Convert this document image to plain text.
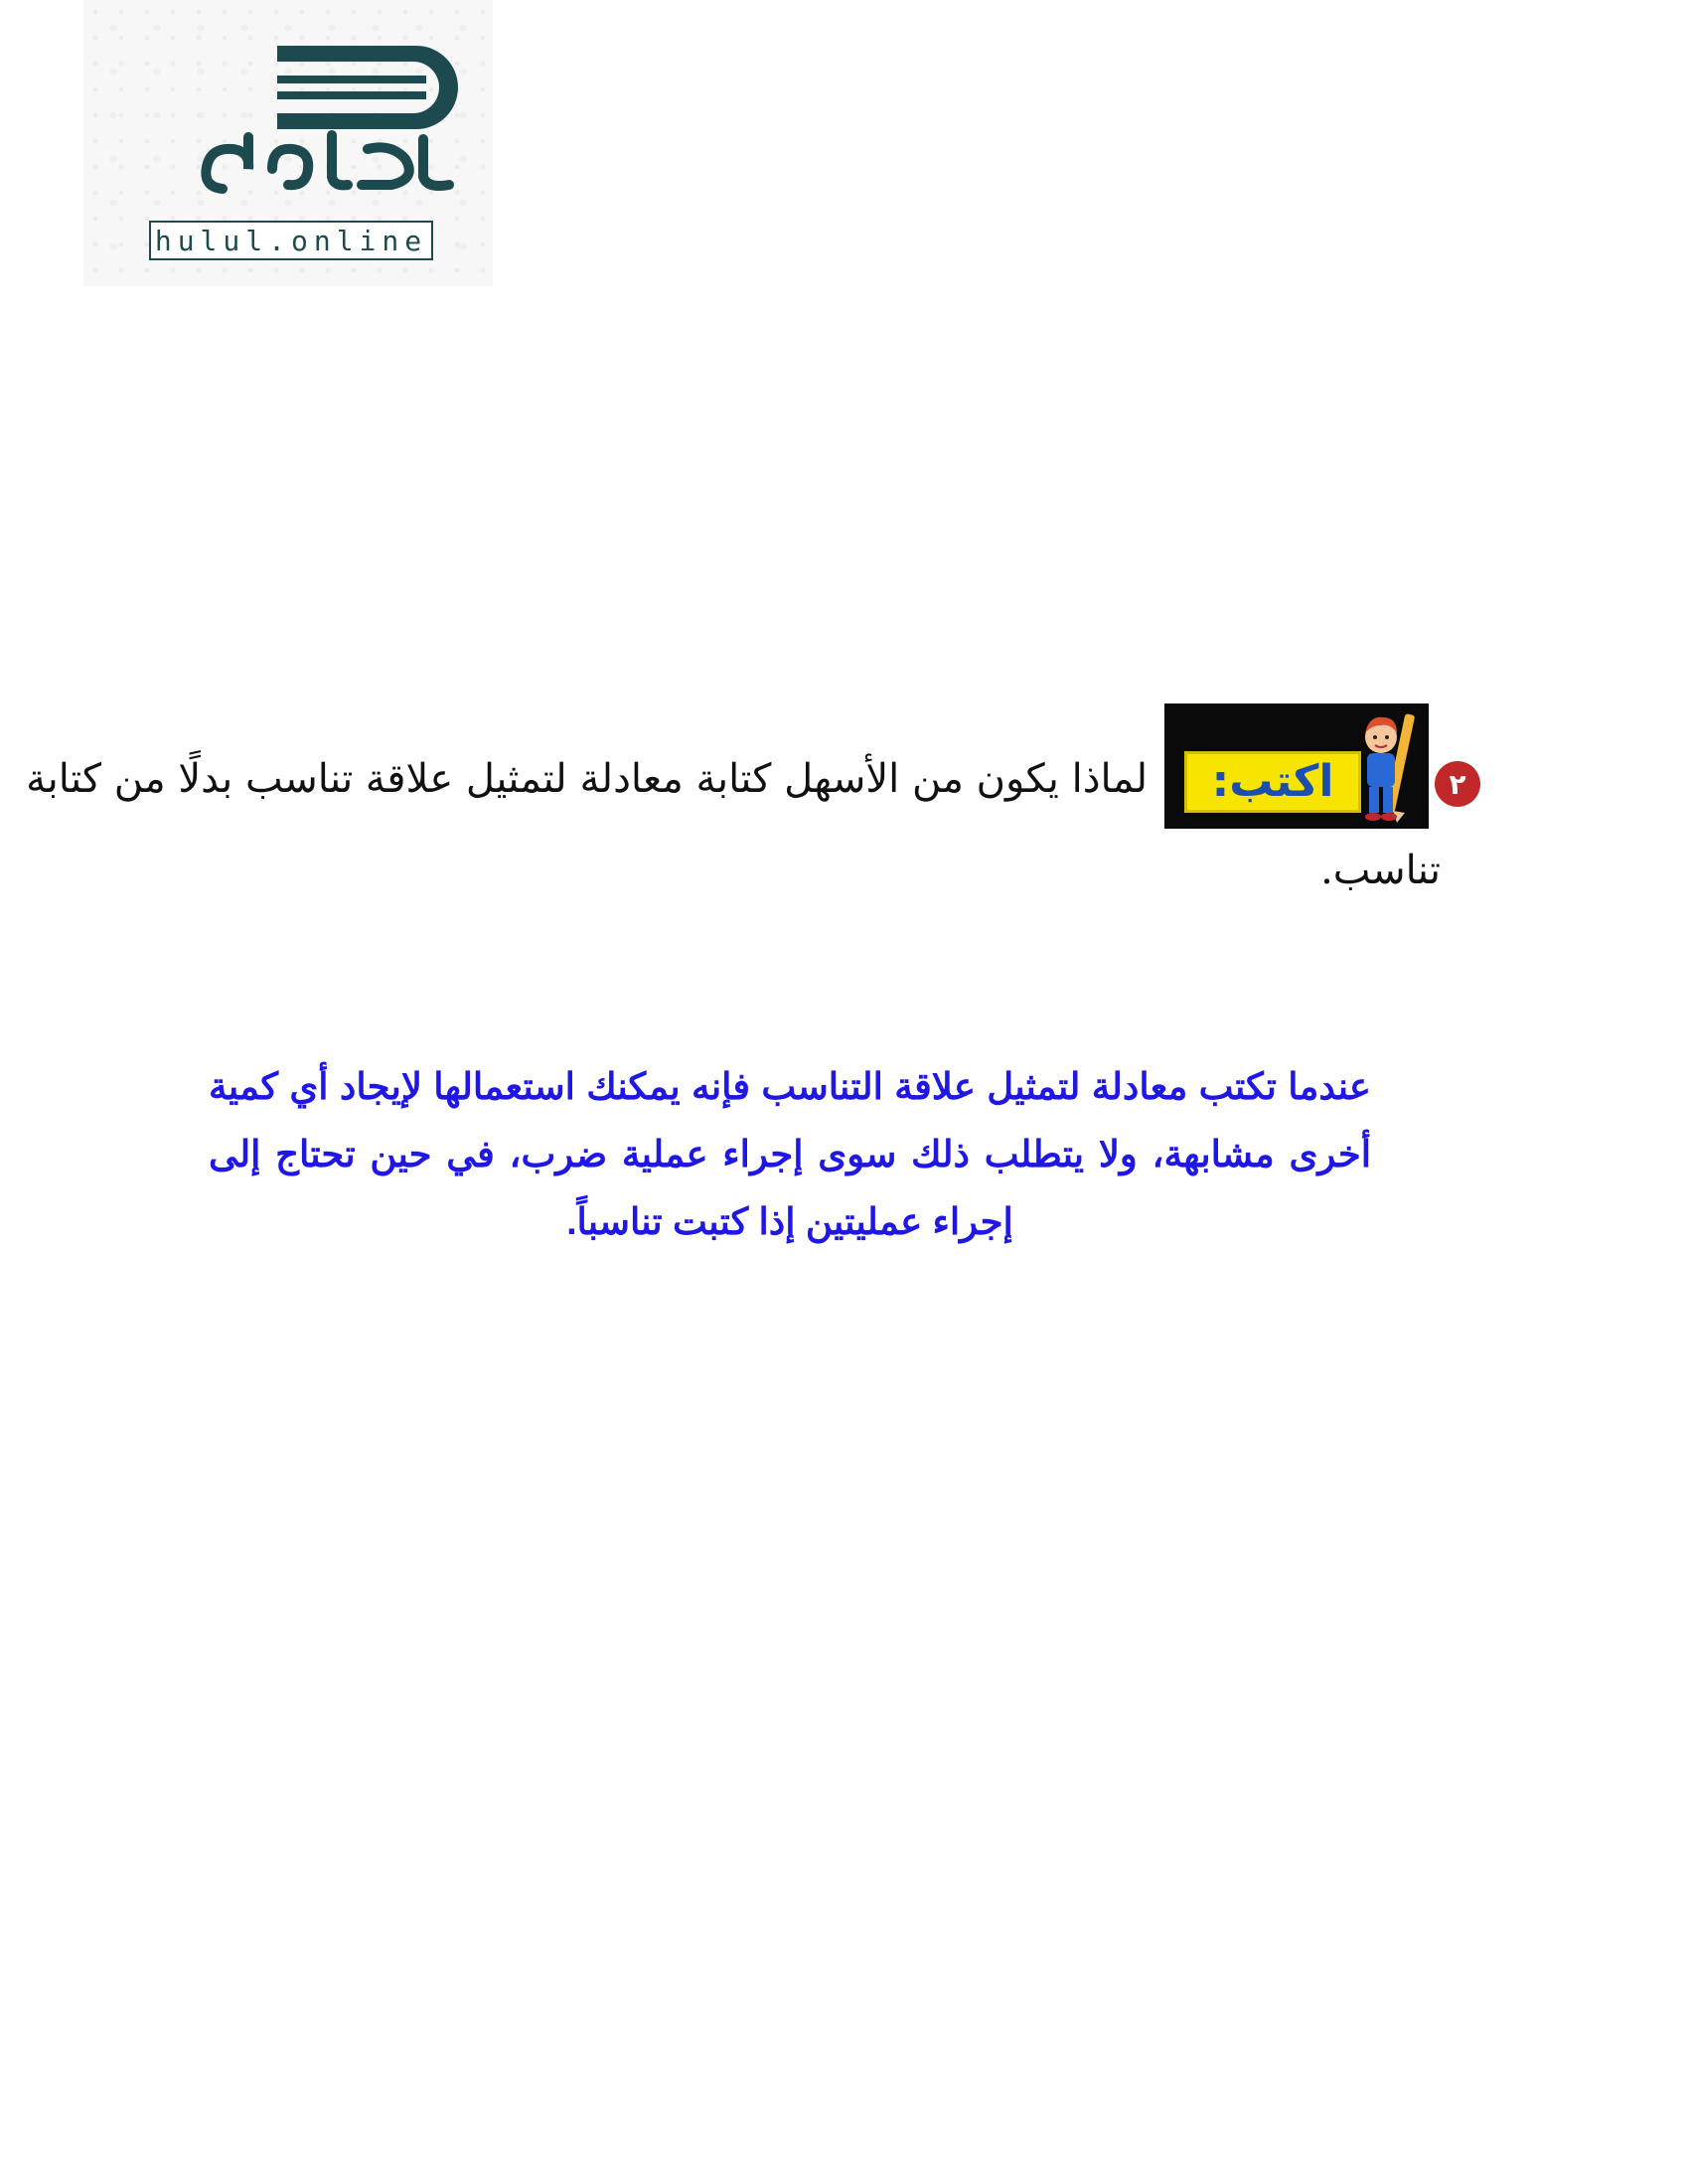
hulul.online
٢
اكتب:
لماذا يكون من الأسهل كتابة معادلة لتمثيل علاقة تناسب بدلًا من كتابة
تناسب.
عندما تكتب معادلة لتمثيل علاقة التناسب فإنه يمكنك استعمالها لإيجاد أي كمية
أخرى مشابهة، ولا يتطلب ذلك سوى إجراء عملية ضرب، في حين تحتاج إلى
إجراء عمليتين إذا كتبت تناسباً.
